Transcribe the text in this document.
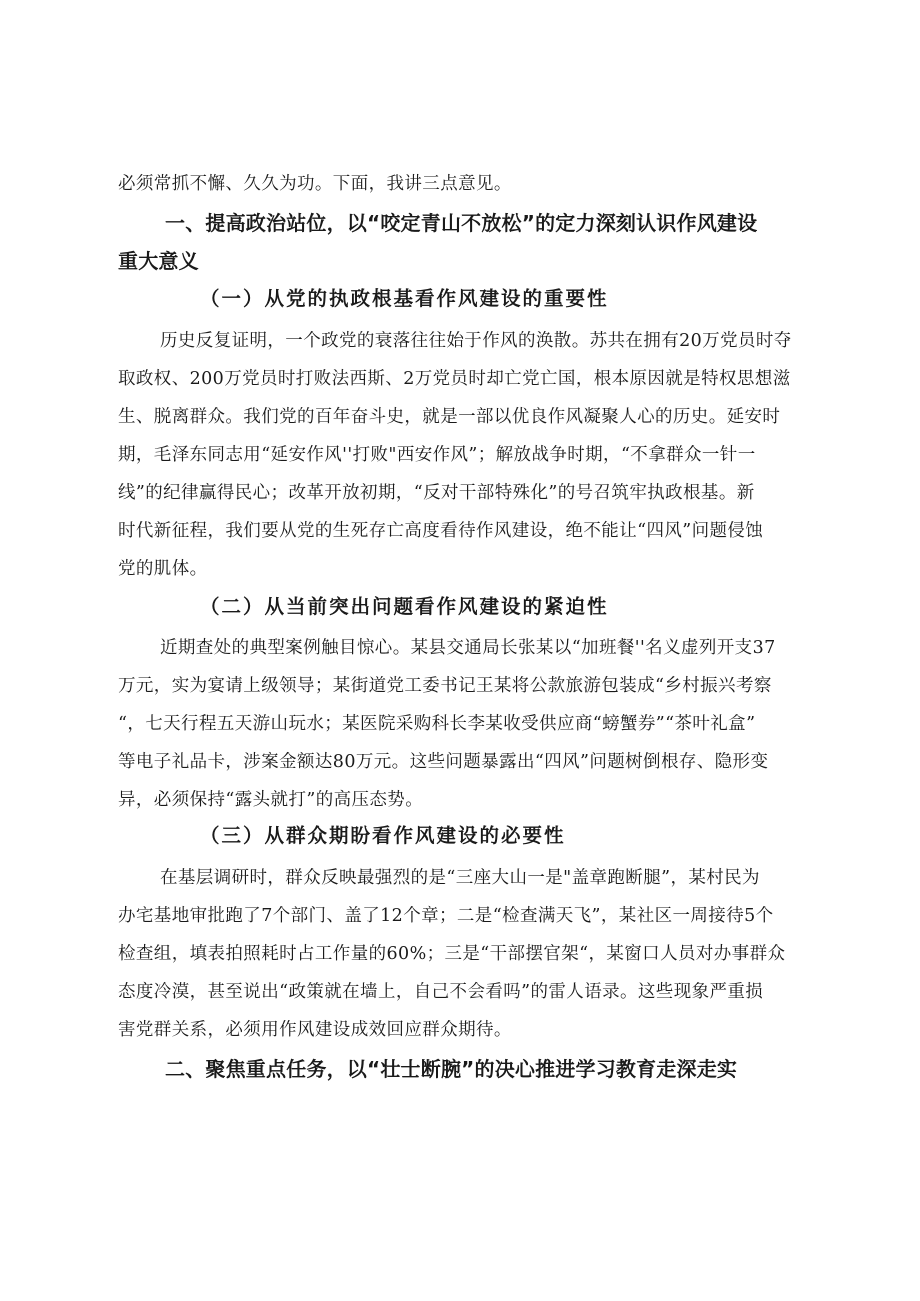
必须常抓不懈、久久为功。下面，我讲三点意见。
一、提高政治站位，以“咬定青山不放松”的定力深刻认识作风建设
重大意义
（一）从党的执政根基看作风建设的重要性
历史反复证明，一个政党的衰落往往始于作风的涣散。苏共在拥有20万党员时夺
取政权、200万党员时打败法西斯、2万党员时却亡党亡国，根本原因就是特权思想滋
生、脱离群众。我们党的百年奋斗史，就是一部以优良作风凝聚人心的历史。延安时
期，毛泽东同志用“延安作风''打败"西安作风”；解放战争时期，“不拿群众一针一
线”的纪律赢得民心；改革开放初期，“反对干部特殊化”的号召筑牢执政根基。新
时代新征程，我们要从党的生死存亡高度看待作风建设，绝不能让“四风”问题侵蚀
党的肌体。
（二）从当前突出问题看作风建设的紧迫性
近期查处的典型案例触目惊心。某县交通局长张某以“加班餐''名义虚列开支37
万元，实为宴请上级领导；某街道党工委书记王某将公款旅游包装成“乡村振兴考察
“，七天行程五天游山玩水；某医院采购科长李某收受供应商“螃蟹券”“茶叶礼盒”
等电子礼品卡，涉案金额达80万元。这些问题暴露出“四风”问题树倒根存、隐形变
异，必须保持“露头就打”的高压态势。
（三）从群众期盼看作风建设的必要性
在基层调研时，群众反映最强烈的是“三座大山一是"盖章跑断腿”，某村民为
办宅基地审批跑了7个部门、盖了12个章；二是“检查满天飞”，某社区一周接待5个
检查组，填表拍照耗时占工作量的60%；三是“干部摆官架“，某窗口人员对办事群众
态度冷漠，甚至说出“政策就在墙上，自己不会看吗”的雷人语录。这些现象严重损
害党群关系，必须用作风建设成效回应群众期待。
二、聚焦重点任务，以“壮士断腕”的决心推进学习教育走深走实
